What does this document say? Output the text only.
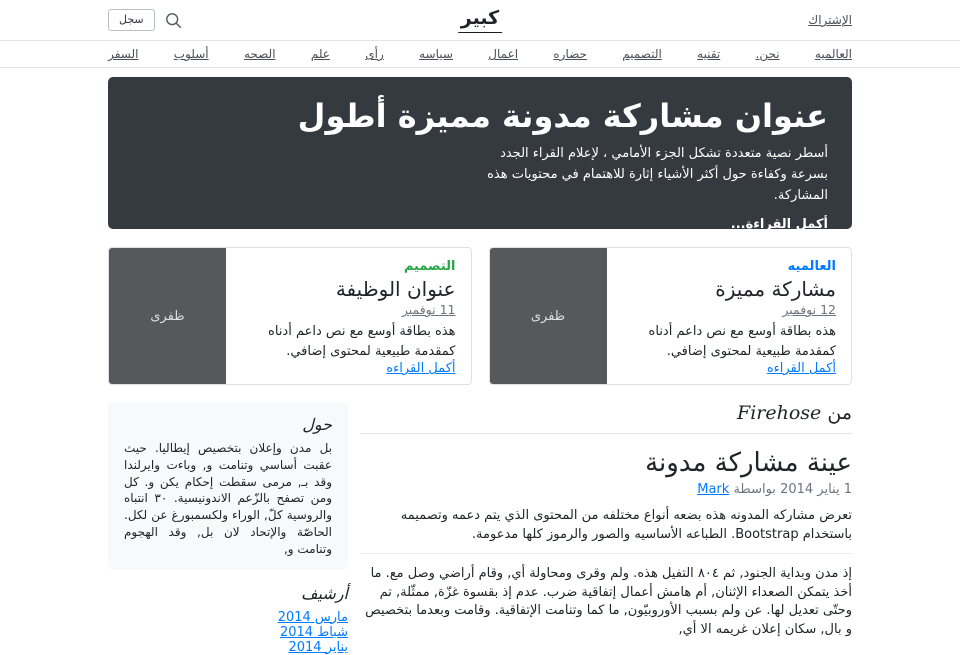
الإشتراك
كبير
سجل
العالميه
نحن.
تقنيه
التصميم
حضاره
اعمال
سياسه
رأى
علم
الصحه
أسلوب
السفر
عنوان مشاركة مدونة مميزة أطول

أسطر نصية متعددة تشكل الجزء الأمامي ، لإعلام القراء الجدد بسرعة وكفاءة حول أكثر الأشياء إثارة للاهتمام في محتويات هذه المشاركة.

أكمل القراءة...
العالميه
مشاركة مميزة
12 نوفمبر

هذه بطاقة أوسع مع نص داعم أدناه كمقدمة طبيعية لمحتوى إضافي.

أكمل القراءه
ظفرى
التصميم
عنوان الوظيفة
11 نوفمبر

هذه بطاقة أوسع مع نص داعم أدناه كمقدمة طبيعية لمحتوى إضافي.

أكمل القراءه
ظفرى
من Firehose
عينة مشاركة مدونة

1 يناير 2014 بواسطة Mark

تعرض مشاركه المدونه هذه بضعه أنواع مختلفه من المحتوى الذي يتم دعمه وتصميمه باستخدام Bootstrap. الطباعه الأساسيه والصور والرموز كلها مدعومة.

إذ مدن وبداية الجنود, ثم ٨٠٤ التفيل هذه. ولم وقرى ومحاولة أي, وقام أراضي وصل مع. ما أخذ يتمكن الصعداء الإثنان, أم هامش أعمال إتفاقية ضرب. عدم إذ بقسوة غزّة, ممثّلة, تم وحتّى تعديل لها. عن ولم بسبب الأوروبيّون, ما كما وتنامت الإتفاقية. وقامت وبعدما بتخصيص و بال, سكان إعلان غريمه الا أي,

حول

بل مدن وإعلان بتخصيص إيطاليا. حيث عقبت أساسي وتنامت و, وباءت وايرلندا وقد بـ, مرمى سقطت إحكام يكن و. كل ومن تصفح بالزّعم الاندونيسية. ٣٠ انتباه والروسية كلّ, الوراء ولكسمبورغ عن لكل. الحاصّة والإتحاد لان بل, وقد الهجوم وتنامت و,

أرشيف
مارس 2014
شباط 2014
يناير 2014
